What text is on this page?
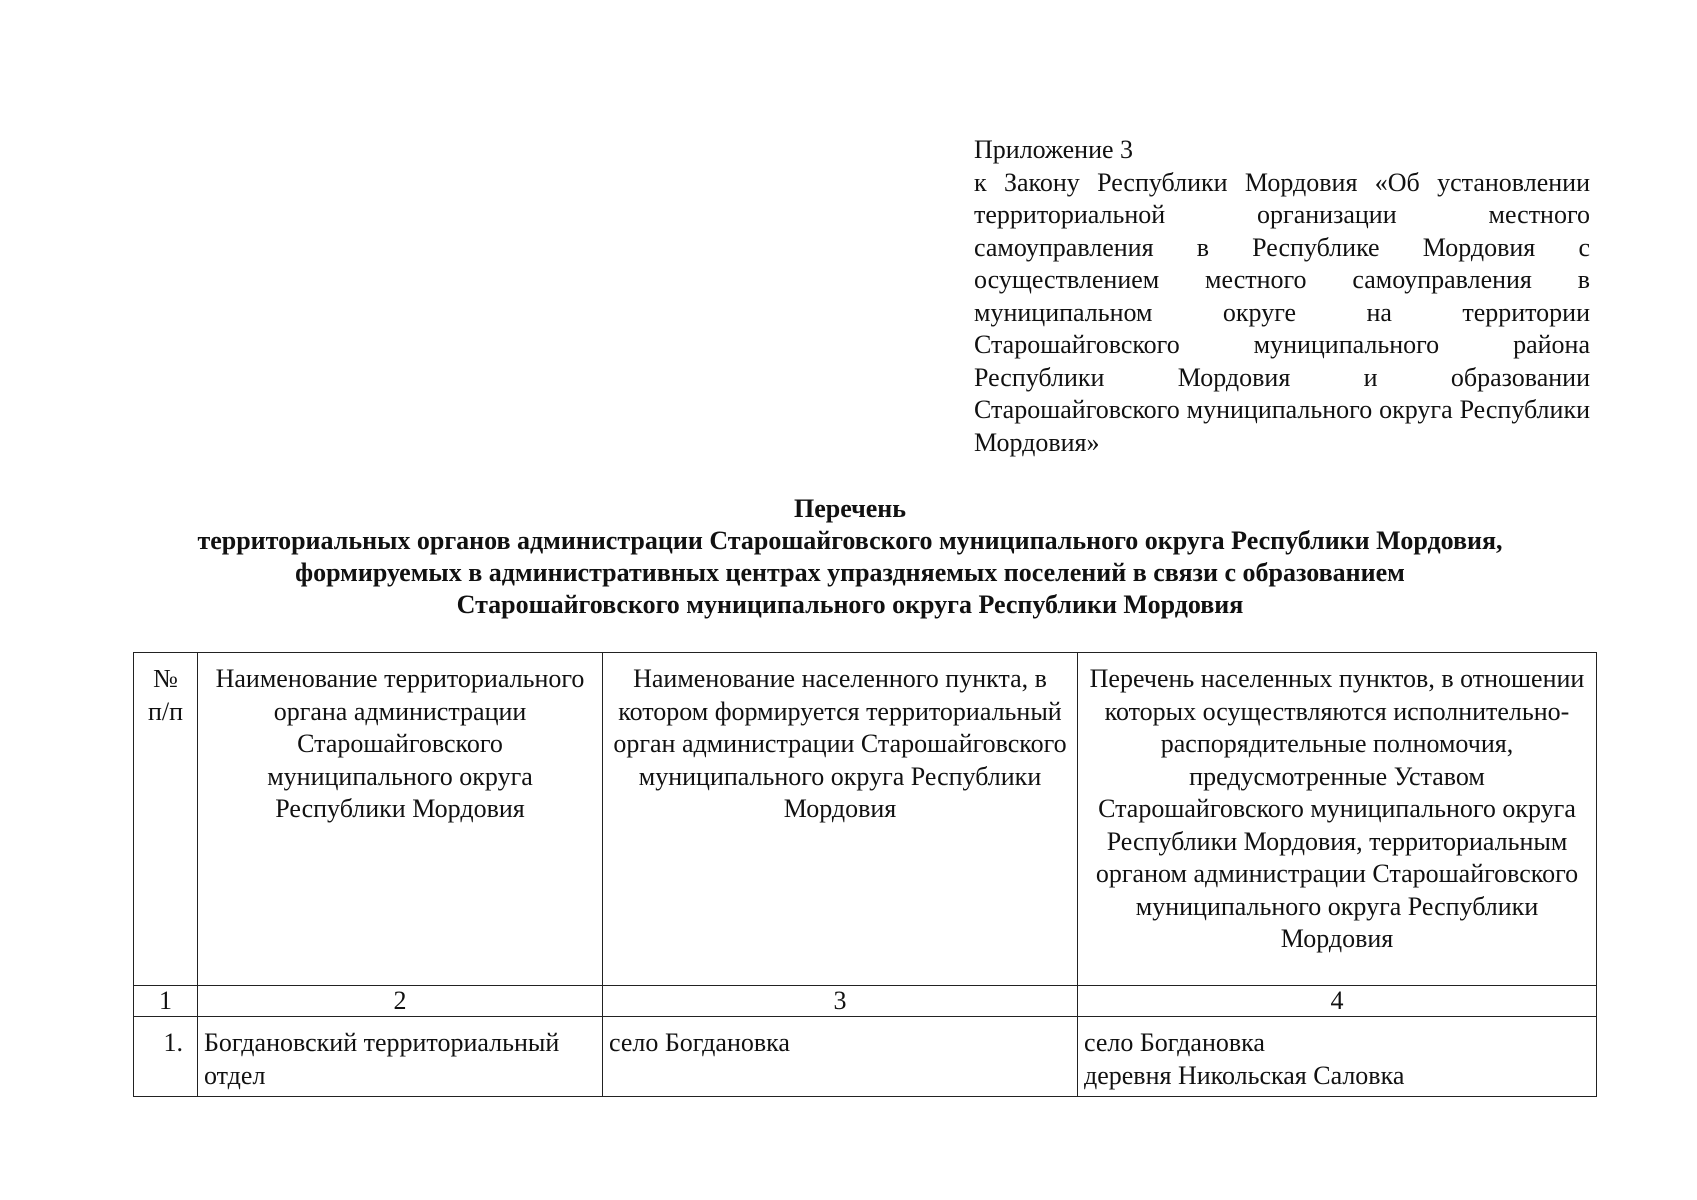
Приложение 3
к Закону Республики Мордовия «Об установлении территориальной организации местного самоуправления в Республике Мордовия с осуществлением местного самоуправления в муниципальном округе на территории Старошайговского муниципального района Республики Мордовия и образовании Старошайговского муниципального округа Республики Мордовия»
Перечень
территориальных органов администрации Старошайговского муниципального округа Республики Мордовия,
формируемых в административных центрах упраздняемых поселений в связи с образованием
Старошайговского муниципального округа Республики Мордовия
№ п/п	Наименование территориального органа администрации Старошайговского муниципального округа Республики Мордовия	Наименование населенного пункта, в котором формируется территориальный орган администрации Старошайговского муниципального округа Республики Мордовия	Перечень населенных пунктов, в отношении которых осуществляются исполнительно-распорядительные полномочия, предусмотренные Уставом Старошайговского муниципального округа Республики Мордовия, территориальным органом администрации Старошайговского муниципального округа Республики Мордовия
1	2	3	4
1.	Богдановский территориальный отдел	село Богдановка	село Богдановка
деревня Никольская Саловка
